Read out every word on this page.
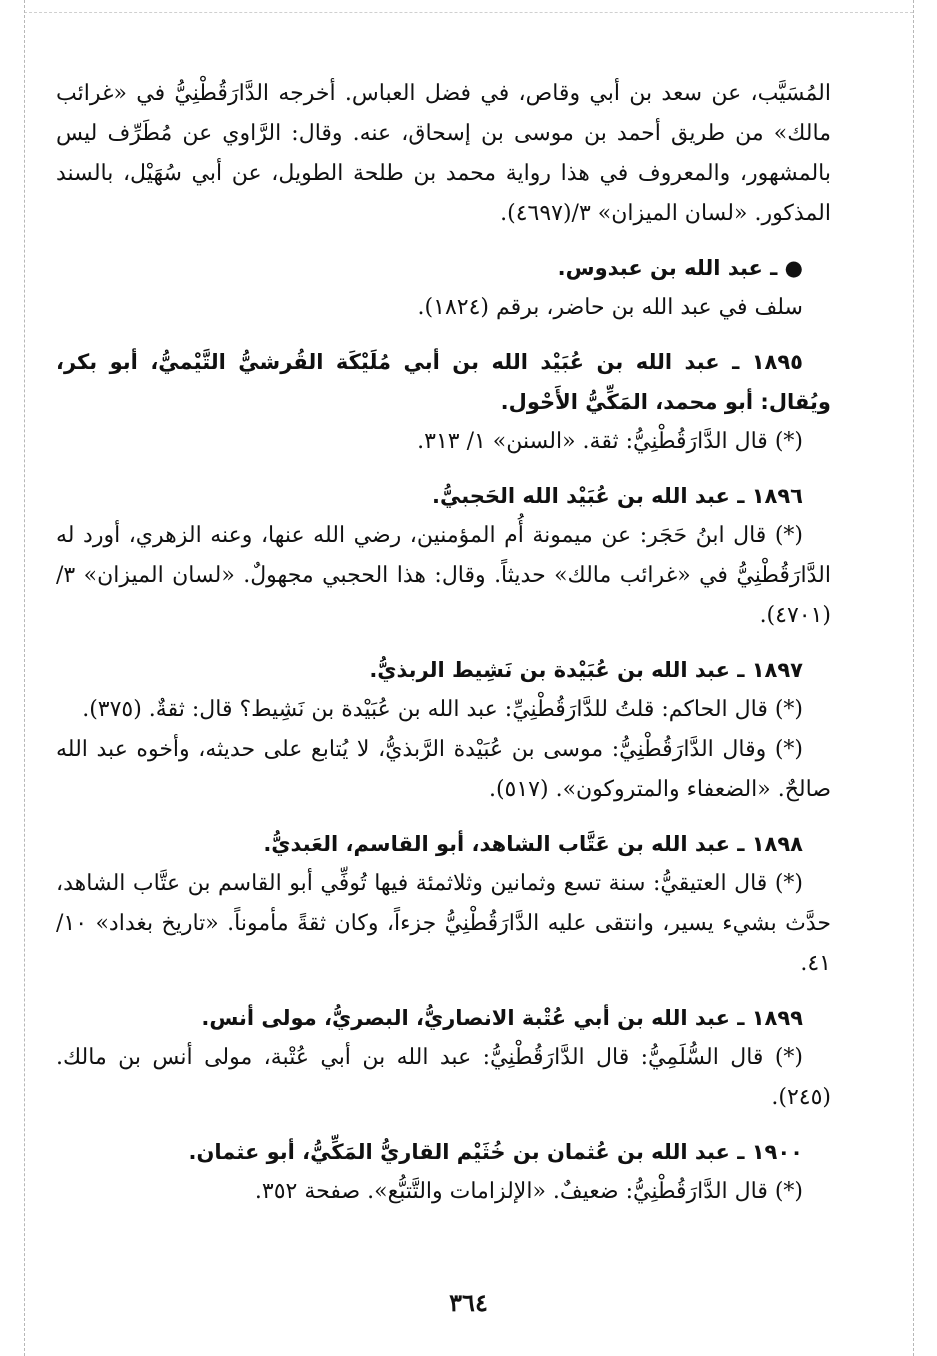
المُسَيَّب، عن سعد بن أبي وقاص، في فضل العباس. أخرجه الدَّارَقُطْنِيُّ في «غرائب مالك» من طريق أحمد بن موسى بن إسحاق، عنه. وقال: الرَّاوي عن مُطَرِّف ليس بالمشهور، والمعروف في هذا رواية محمد بن طلحة الطويل، عن أبي سُهَيْل، بالسند المذكور. «لسان الميزان» ٣/(٤٦٩٧).

● ـ عبد الله بن عبدوس.

سلف في عبد الله بن حاضر، برقم (١٨٢٤).

١٨٩٥ ـ عبد الله بن عُبَيْد الله بن أبي مُلَيْكَة القُرشيُّ التَّيْميُّ، أبو بكر، ويُقال: أبو محمد، المَكِّيُّ الأَحْول.

(*) قال الدَّارَقُطْنِيُّ: ثقة. «السنن» ١/ ٣١٣.

١٨٩٦ ـ عبد الله بن عُبَيْد الله الحَجبيُّ.

(*) قال ابنُ حَجَر: عن ميمونة أُم المؤمنين، رضي الله عنها، وعنه الزهري، أورد له الدَّارَقُطْنِيُّ في «غرائب مالك» حديثاً. وقال: هذا الحجبي مجهولٌ. «لسان الميزان» ٣/ (٤٧٠١).

١٨٩٧ ـ عبد الله بن عُبَيْدة بن نَشِيط الربذيُّ.

(*) قال الحاكم: قلتُ للدَّارَقُطْنِيِّ: عبد الله بن عُبَيْدة بن نَشِيط؟ قال: ثقةٌ. (٣٧٥).

(*) وقال الدَّارَقُطْنِيُّ: موسى بن عُبَيْدة الرَّبذيُّ، لا يُتابع على حديثه، وأخوه عبد الله صالحٌ. «الضعفاء والمتروكون». (٥١٧).

١٨٩٨ ـ عبد الله بن عَتَّاب الشاهد، أبو القاسم، العَبديُّ.

(*) قال العتيقيُّ: سنة تسع وثمانين وثلاثمئة فيها تُوفِّي أبو القاسم بن عتَّاب الشاهد، حدَّث بشيء يسير، وانتقى عليه الدَّارَقُطْنِيُّ جزءاً، وكان ثقةً مأموناً. «تاريخ بغداد» ١٠/ ٤١.

١٨٩٩ ـ عبد الله بن أبي عُتْبة الانصاريُّ، البصريُّ، مولى أنس.

(*) قال السُّلَمِيُّ: قال الدَّارَقُطْنِيُّ: عبد الله بن أبي عُتْبة، مولى أنس بن مالك. (٢٤٥).

١٩٠٠ ـ عبد الله بن عُثمان بن خُثَيْم القاريُّ المَكِّيُّ، أبو عثمان.

(*) قال الدَّارَقُطْنِيُّ: ضعيفٌ. «الإلزامات والتَّتبُّع». صفحة ٣٥٢.

٣٦٤
